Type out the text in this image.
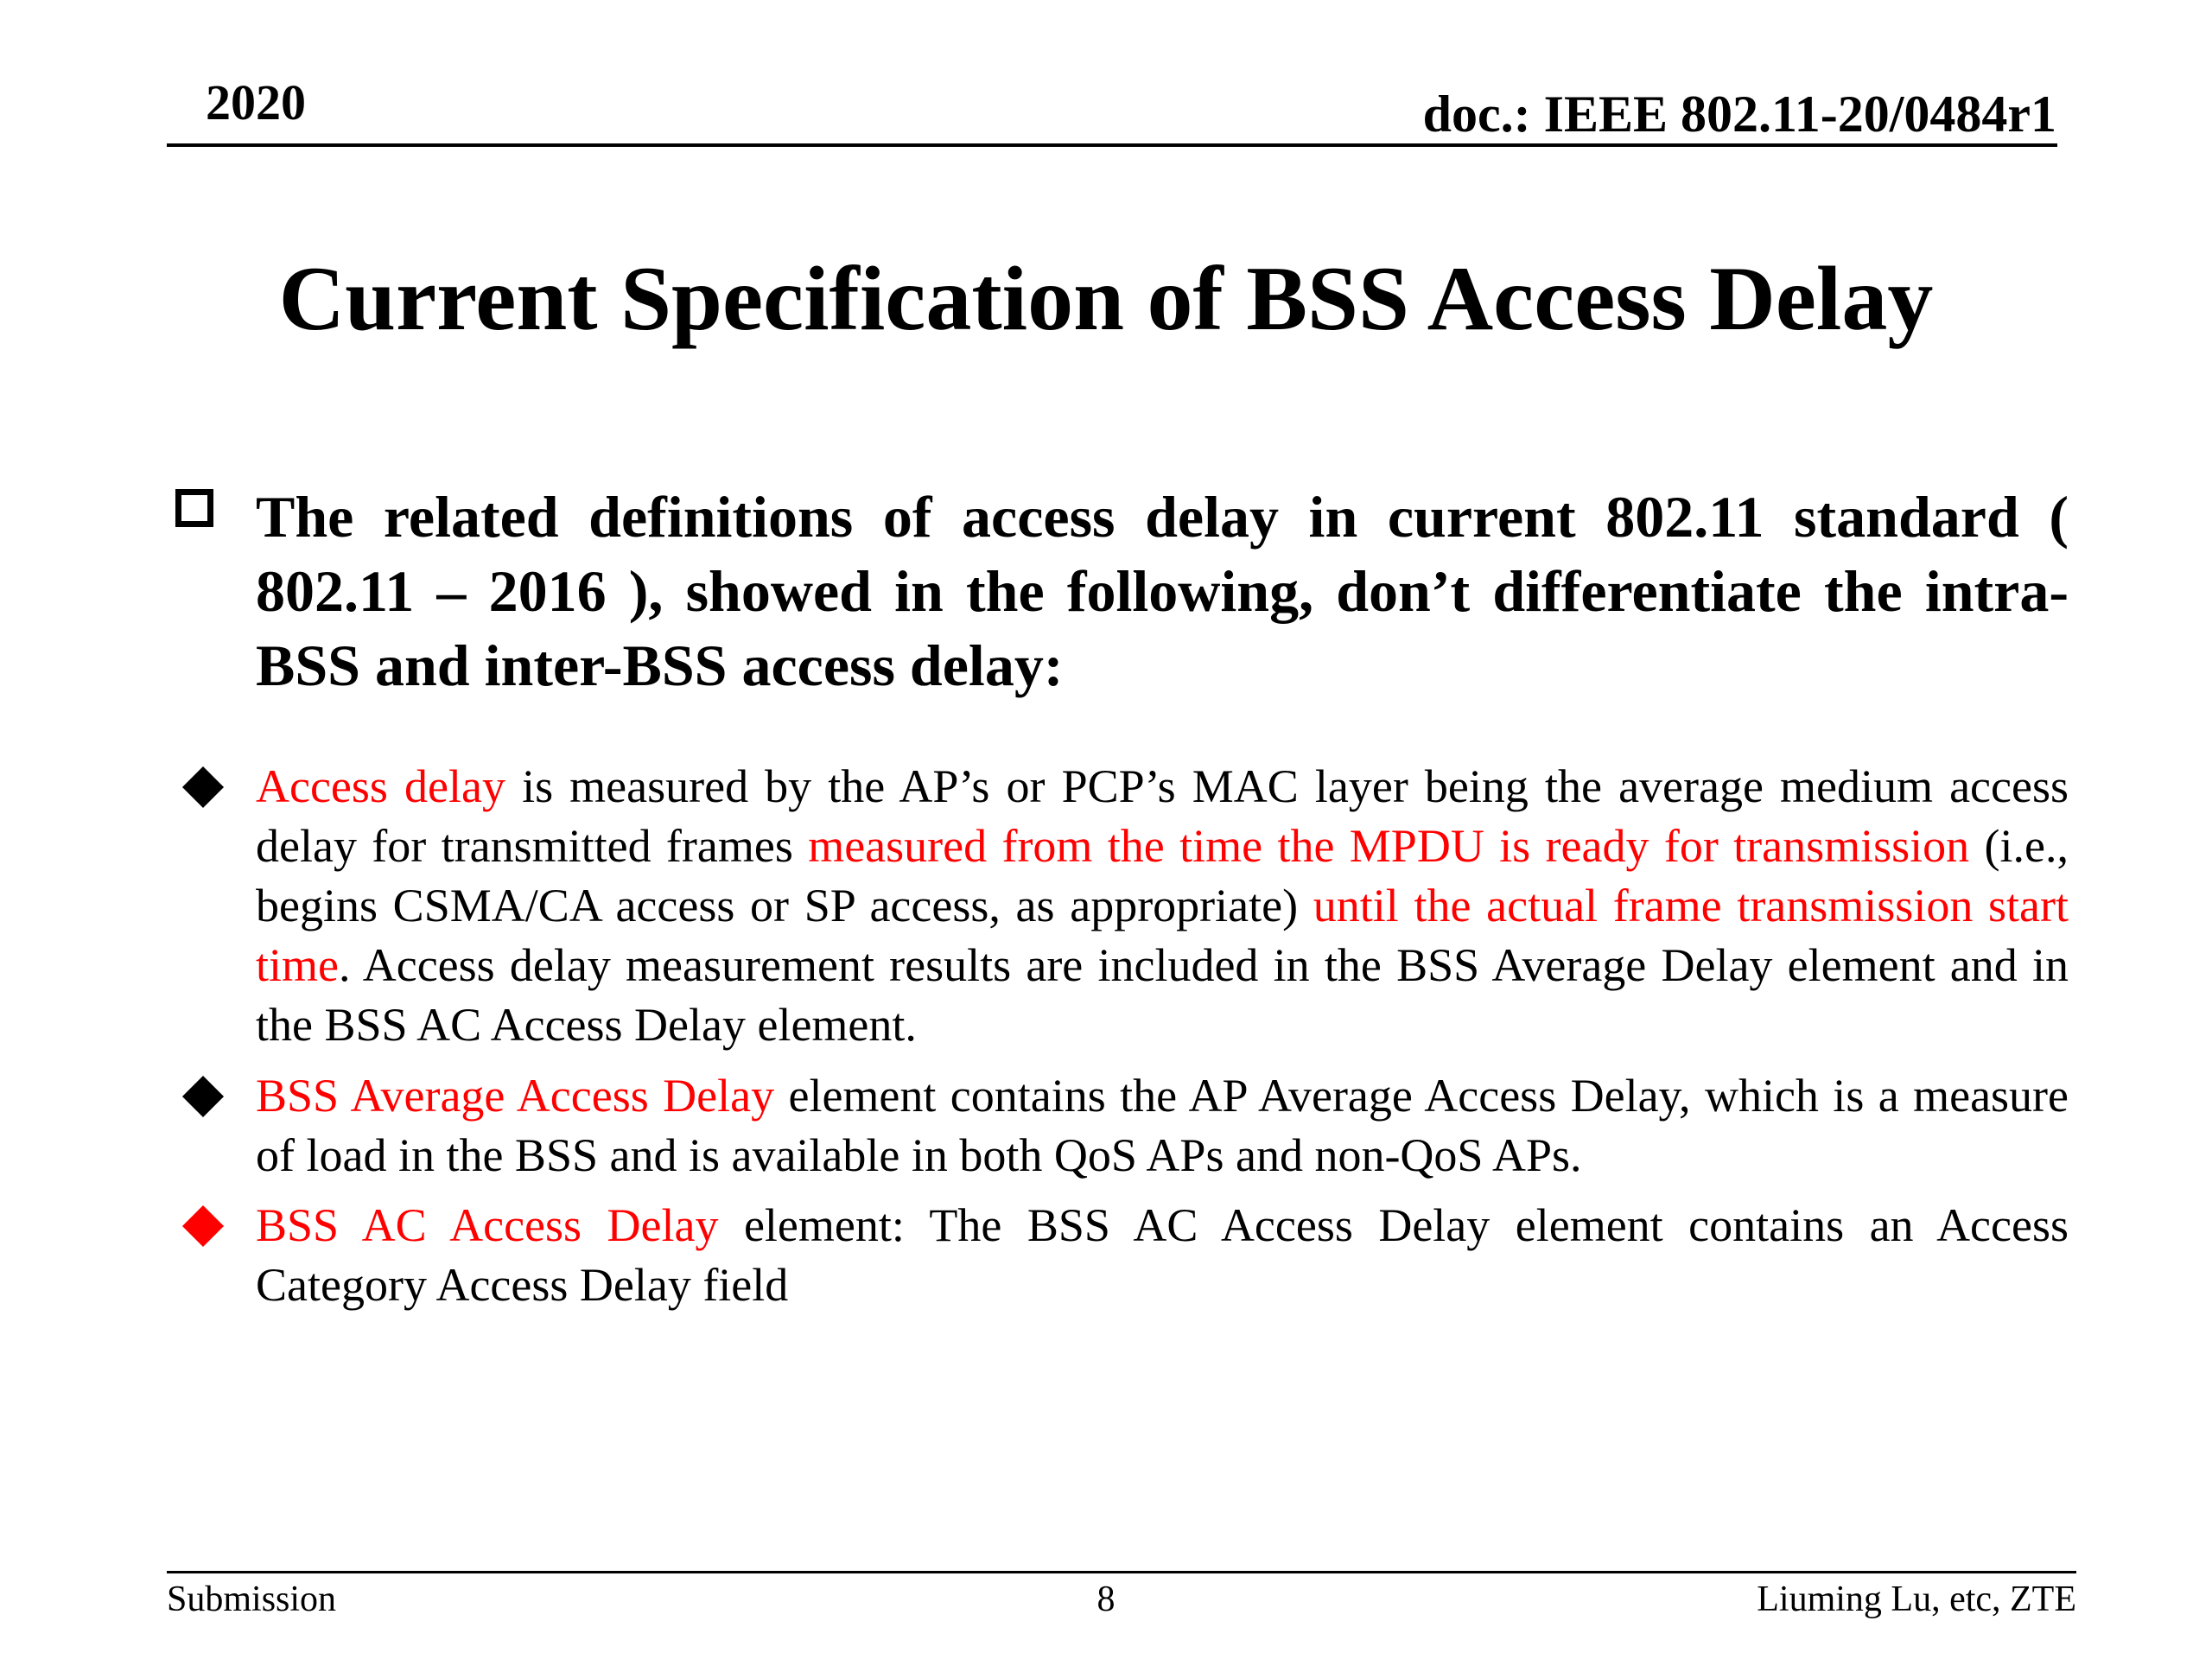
2020	doc.: IEEE 802.11-20/0484r1
Current Specification of BSS Access Delay
The related definitions of access delay in current 802.11 standard ( 802.11 – 2016 ), showed in the following, don’t differentiate the intra-BSS and inter-BSS access delay:
Access delay is measured by the AP’s or PCP’s MAC layer being the average medium access delay for transmitted frames measured from the time the MPDU is ready for transmission (i.e., begins CSMA/CA access or SP access, as appropriate) until the actual frame transmission start time. Access delay measurement results are included in the BSS Average Delay element and in the BSS AC Access Delay element.
BSS Average Access Delay element contains the AP Average Access Delay, which is a measure of load in the BSS and is available in both QoS APs and non-QoS APs.
BSS AC Access Delay element: The BSS AC Access Delay element contains an Access Category Access Delay field
Submission	8	Liuming Lu, etc, ZTE
